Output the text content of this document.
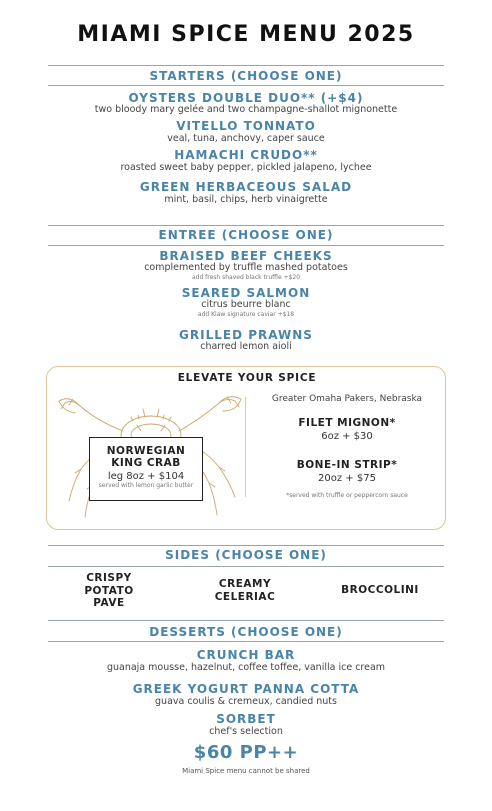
MIAMI SPICE MENU 2025
STARTERS (CHOOSE ONE)
OYSTERS DOUBLE DUO** (+$4)
two bloody mary gelée and two champagne-shallot mignonette
VITELLO TONNATO
veal, tuna, anchovy, caper sauce
HAMACHI CRUDO**
roasted sweet baby pepper, pickled jalapeno, lychee
GREEN HERBACEOUS SALAD
mint, basil, chips, herb vinaigrette
ENTREE (CHOOSE ONE)
BRAISED BEEF CHEEKS
complemented by truffle mashed potatoes
add fresh shaved black truffle +$20
SEARED SALMON
citrus beurre blanc
add Klaw signature caviar +$18
GRILLED PRAWNS
charred lemon aioli
ELEVATE YOUR SPICE
NORWEGIAN
KING CRAB
leg 8oz + $104
served with lemon garlic butter
Greater Omaha Pakers, Nebraska
FILET MIGNON*
6oz + $30
BONE-IN STRIP*
20oz + $75
*served with truffle or peppercorn sauce
SIDES (CHOOSE ONE)
CRISPY
POTATO
PAVE
CREAMY
CELERIAC
BROCCOLINI
DESSERTS (CHOOSE ONE)
CRUNCH BAR
guanaja mousse, hazelnut, coffee toffee, vanilla ice cream
GREEK YOGURT PANNA COTTA
guava coulis & cremeux, candied nuts
SORBET
chef's selection
$60 PP++
Miami Spice menu cannot be shared
